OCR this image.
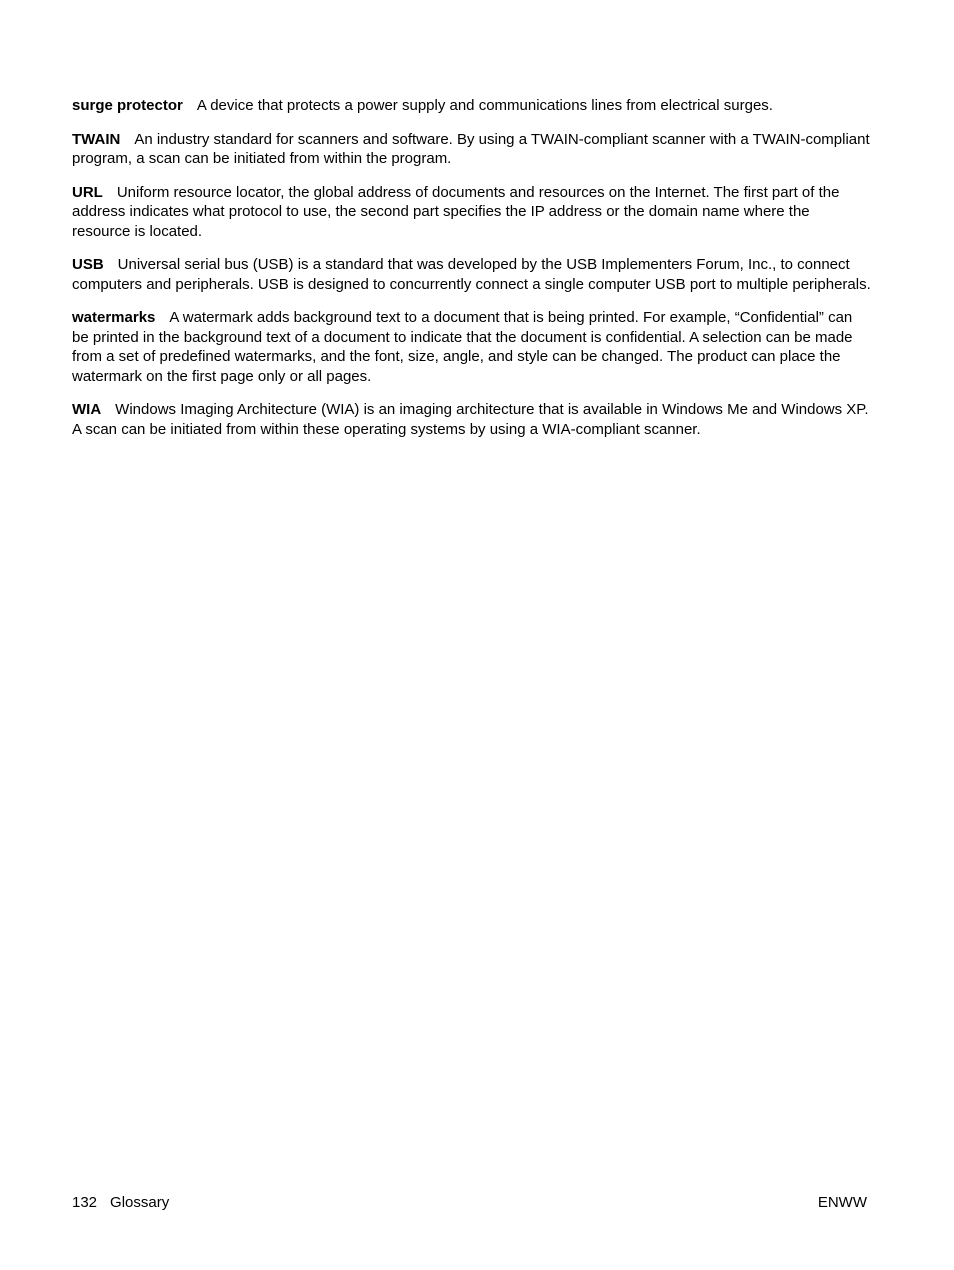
surge protector A device that protects a power supply and communications lines from electrical surges.

TWAIN An industry standard for scanners and software. By using a TWAIN-compliant scanner with a TWAIN-compliant program, a scan can be initiated from within the program.

URL Uniform resource locator, the global address of documents and resources on the Internet. The first part of the address indicates what protocol to use, the second part specifies the IP address or the domain name where the resource is located.

USB Universal serial bus (USB) is a standard that was developed by the USB Implementers Forum, Inc., to connect computers and peripherals. USB is designed to concurrently connect a single computer USB port to multiple peripherals.

watermarks A watermark adds background text to a document that is being printed. For example, “Confidential” can be printed in the background text of a document to indicate that the document is confidential. A selection can be made from a set of predefined watermarks, and the font, size, angle, and style can be changed. The product can place the watermark on the first page only or all pages.

WIA Windows Imaging Architecture (WIA) is an imaging architecture that is available in Windows Me and Windows XP. A scan can be initiated from within these operating systems by using a WIA-compliant scanner.

132 Glossary	ENWW
